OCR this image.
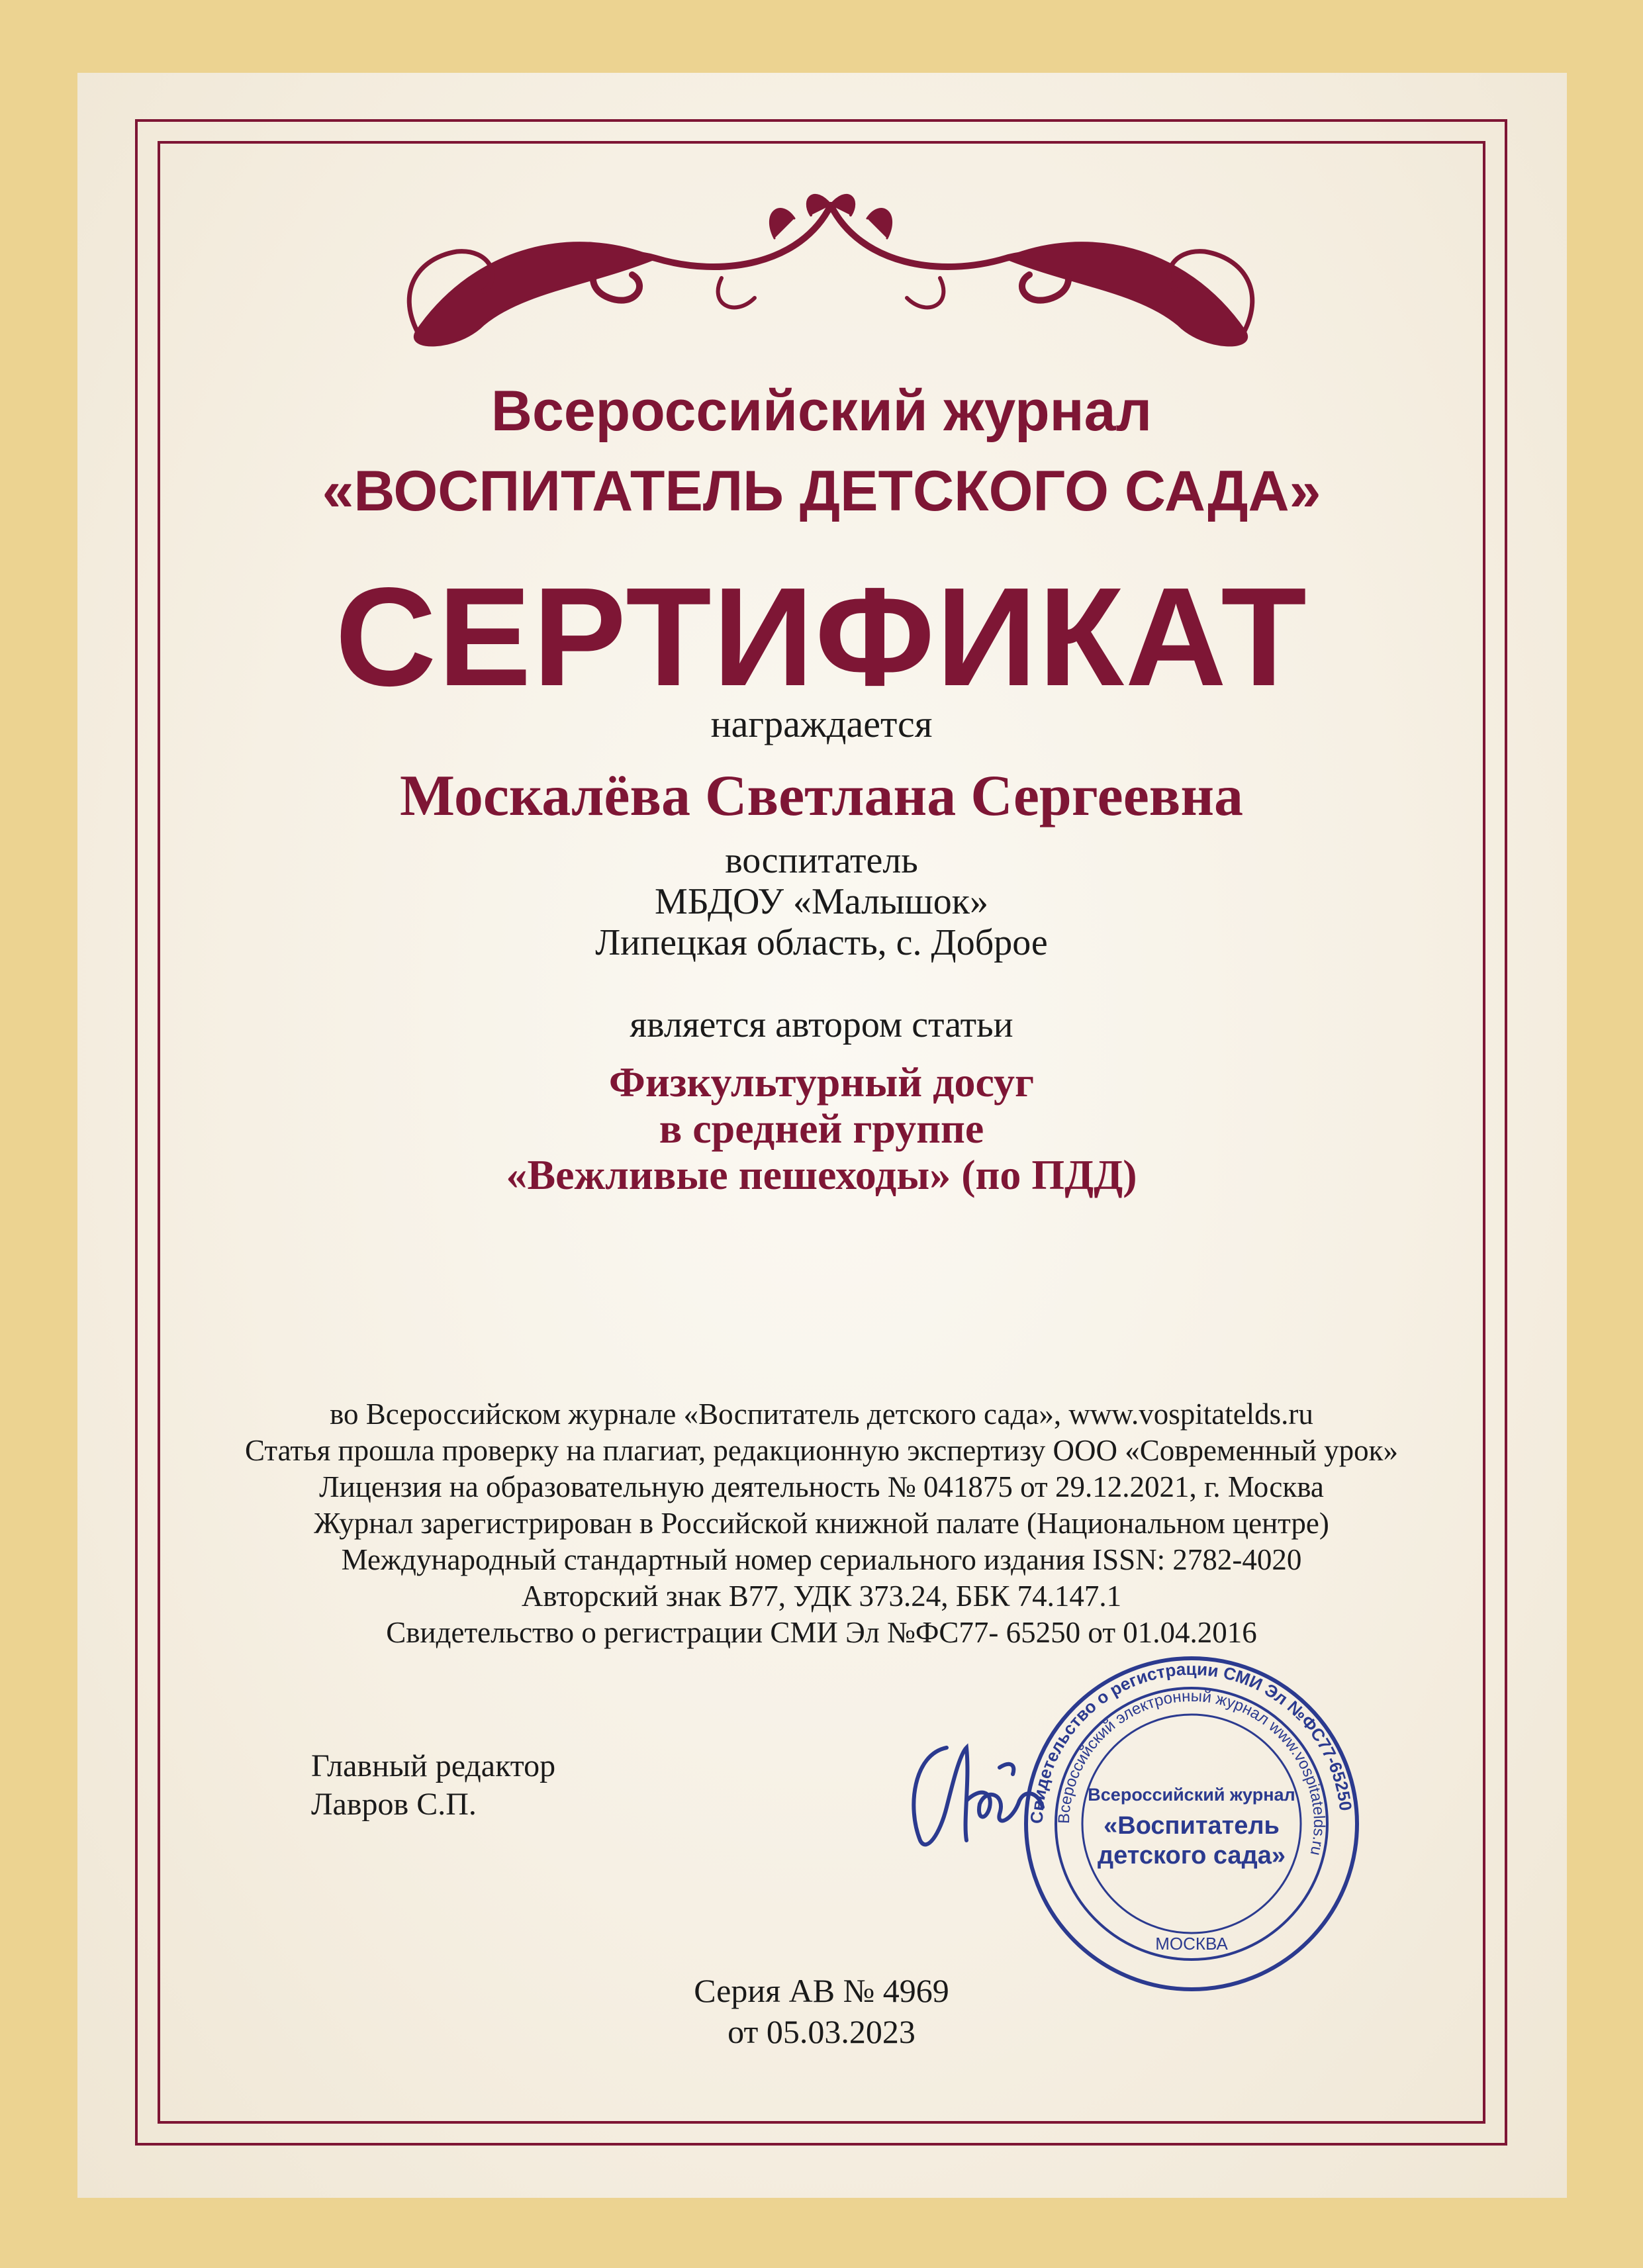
Всероссийский журнал
«ВОСПИТАТЕЛЬ ДЕТСКОГО САДА»
СЕРТИФИКАТ
награждается
Москалёва Светлана Сергеевна
воспитатель
МБДОУ «Малышок»
Липецкая область, с. Доброе
является автором статьи
Физкультурный досуг
в средней группе
«Вежливые пешеходы» (по ПДД)
во Всероссийском журнале «Воспитатель детского сада», www.vospitatelds.ru
Статья прошла проверку на плагиат, редакционную экспертизу ООО «Современный урок»
Лицензия на образовательную деятельность № 041875 от 29.12.2021, г. Москва
Журнал зарегистрирован в Российской книжной палате (Национальном центре)
Международный стандартный номер сериального издания ISSN: 2782-4020
Авторский знак В77, УДК 373.24, ББК 74.147.1
Свидетельство о регистрации СМИ Эл №ФС77- 65250 от 01.04.2016
Главный редактор
Лавров С.П.	Свидетельство о регистрации СМИ Эл №ФС77-65250
Всероссийский электронный журнал www.vospitatelds.ru
Всероссийский журнал
«Воспитатель
детского сада»
МОСКВА
Серия АВ № 4969
от 05.03.2023
